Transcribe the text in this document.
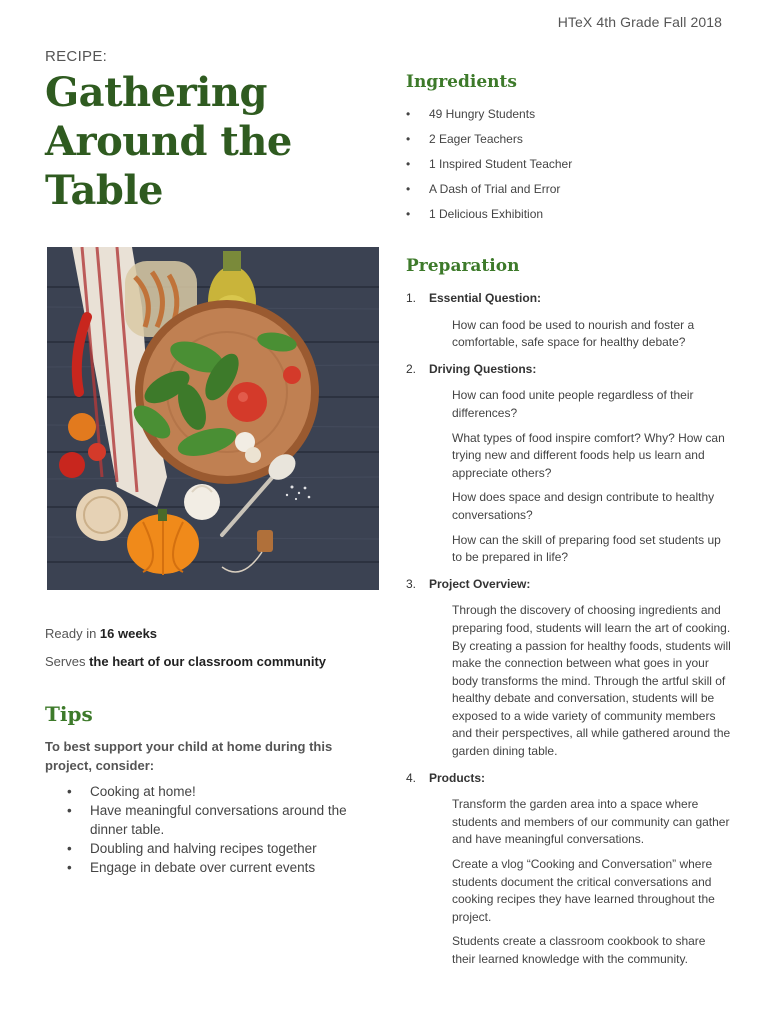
HTeX 4th Grade Fall 2018
RECIPE:
Gathering
Around the
Table
Ready in 16 weeks
Serves the heart of our classroom community
Tips
To best support your child at home during this project, consider:
• Cooking at home!
• Have meaningful conversations around the dinner table.
• Doubling and halving recipes together
• Engage in debate over current events
Ingredients
• 49 Hungry Students
• 2 Eager Teachers
• 1 Inspired Student Teacher
• A Dash of Trial and Error
• 1 Delicious Exhibition
Preparation
1. Essential Question:
How can food be used to nourish and foster a comfortable, safe space for healthy debate?
2. Driving Questions:
How can food unite people regardless of their differences?
What types of food inspire comfort? Why? How can trying new and different foods help us learn and appreciate others?
How does space and design contribute to healthy conversations?
How can the skill of preparing food set students up to be prepared in life?
3. Project Overview:
Through the discovery of choosing ingredients and preparing food, students will learn the art of cooking. By creating a passion for healthy foods, students will make the connection between what goes in your body transforms the mind. Through the artful skill of healthy debate and conversation, students will be exposed to a wide variety of community members and their perspectives, all while gathered around the garden dining table.
4. Products:
Transform the garden area into a space where students and members of our community can gather and have meaningful conversations.
Create a vlog “Cooking and Conversation” where students document the critical conversations and cooking recipes they have learned throughout the project.
Students create a classroom cookbook to share their learned knowledge with the community.
